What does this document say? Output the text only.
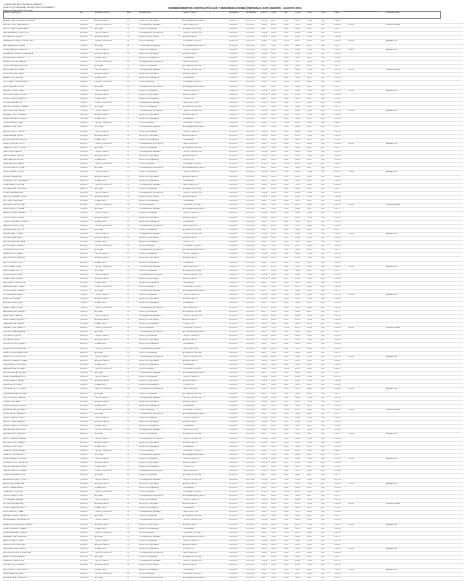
COMUNIDAD AUTONOMA DE MADRID
DIRECCION GENERAL DE RECURSOS HUMANOS
Relacion Nominal de Personal
NOMBRAMIENTOS CONTRACTUALES Y REMUNERACIONES PERSONAL DATA MADRID - AGOSTO 2013
NOMBRE Y APELLIDOS	DNI	ESCALA O PUESTO	NIVEL	DEPENDENCIA	CARGO / PUESTO	FECHA ALTA	FECHA BAJA	SUELDO COMPL.	TRIE.	C.DEST.	C.ESP.	PROD.	TOTAL	OBSERVACIONES
Nombramientos/Resoluciones/Observaciones
ALVAREZ GARCIA, MARIA DEL CARMEN	02345678	ADMINISTRATIVO	18	SERVICIOS CENTRALES	AUXILIAR ADMINISTRATIVO	01/01/2013	31/12/2013	1.023,45	345,20	54,10	412,30	120,00	0,00	1.955,05
BENITEZ LOPEZ, JUAN CARLOS	05432198	TECNICO SUPERIOR	26	CONSEJERIA DE SANIDAD	JEFE DE SECCION	15/02/2013	31/12/2013	1.498,72	612,50	98,30	701,12	340,00	0,00	3.250,64	12/2013	Resolucion interna
CASTILLO MARTIN, ANA ISABEL	07894561	AUXILIAR	14	DIRECCION GENERAL	AUXILIAR DE OFICINA	01/03/2013	31/12/2013	890,12	210,45	32,80	298,40	80,00	0,00	1.511,77
DIAZ FERNANDEZ, PEDRO LUIS	08123456	TECNICO MEDIO	22	CONSEJERIA DE EDUCACION	TECNICO DE GESTION	10/01/2013	31/12/2013	1.245,60	420,10	76,40	520,80	210,00	0,00	2.472,90
ESTEBAN RUIZ, LAURA	09876543	ADMINISTRATIVO	18	SERVICIOS CENTRALES	ADMINISTRATIVO	01/01/2013	31/12/2013	1.023,45	345,20	54,10	412,30	120,00	0,00	1.955,05
FERNANDEZ GOMEZ, JOSE ANTONIO	10234567	TECNICO SUPERIOR	28	VICECONSEJERIA	CONSEJERO TECNICO	01/04/2013	31/12/2013	1.498,72	712,50	110,20	801,12	420,00	0,00	3.542,54	12/2013	Asignado a RPT
GARCIA HERRERA, ELENA	11345678	AUXILIAR	14	CONSEJERIA DE SANIDAD	AUXILIAR ADMINISTRATIVO	01/01/2013	31/12/2013	890,12	210,45	32,80	298,40	80,00	0,00	1.511,77
GOMEZ SANCHEZ, FRANCISCO	12456789	TECNICO MEDIO	22	DIRECCION GENERAL	TECNICO DE APOYO	20/01/2013	31/12/2013	1.245,60	420,10	76,40	520,80	210,00	0,00	2.472,90	11/2013	Asignado a RPT
HERNANDEZ MORENO, ROSA MARIA	13567890	ADMINISTRATIVO	18	SERVICIOS CENTRALES	ADMINISTRATIVO	01/02/2013	31/12/2013	1.023,45	345,20	54,10	412,30	120,00	0,00	1.955,05
IGLESIAS PEREZ, MANUEL	14678901	SUBALTERNO	12	SERVICIOS GENERALES	ORDENANZA	01/01/2013	31/12/2013	780,30	150,20	28,60	240,10	60,00	0,00	1.259,20
JIMENEZ ORTEGA, CARMEN	15789012	TECNICO SUPERIOR	26	CONSEJERIA DE EDUCACION	JEFE DE SERVICIO	01/01/2013	31/12/2013	1.498,72	612,50	98,30	701,12	340,00	0,00	3.250,64
LOPEZ DOMINGUEZ, ANTONIO	16890123	AUXILIAR	14	DIRECCION GENERAL	AUXILIAR DE OFICINA	15/03/2013	31/12/2013	890,12	210,45	32,80	298,40	80,00	0,00	1.511,77
MARTIN VAZQUEZ, ISABEL	17901234	TECNICO MEDIO	22	CONSEJERIA DE SANIDAD	TECNICO DE GESTION	01/01/2013	31/12/2013	1.245,60	420,10	76,40	520,80	210,00	0,00	2.472,90	12/2013	Comision servicios
MORENO ALONSO, DAVID	18012345	ADMINISTRATIVO	18	SERVICIOS CENTRALES	ADMINISTRATIVO	01/01/2013	31/12/2013	1.023,45	345,20	54,10	412,30	120,00	0,00	1.955,05
NAVARRO GIL, PATRICIA	19123456	SUBALTERNO	12	SERVICIOS GENERALES	ORDENANZA	01/05/2013	31/12/2013	780,30	150,20	28,60	240,10	60,00	0,00	1.259,20
ORTIZ RAMOS, MIGUEL ANGEL	20234567	TECNICO SUPERIOR	28	VICECONSEJERIA	CONSEJERO TECNICO	01/01/2013	31/12/2013	1.498,72	712,50	110,20	801,12	420,00	0,00	3.542,54
PEREZ SERRANO, LUCIA	21345678	AUXILIAR	14	CONSEJERIA DE EDUCACION	AUXILIAR ADMINISTRATIVO	01/01/2013	31/12/2013	890,12	210,45	32,80	298,40	80,00	0,00	1.511,77
RAMIREZ TORRES, JAVIER	22456789	TECNICO MEDIO	22	DIRECCION GENERAL	TECNICO DE APOYO	01/06/2013	31/12/2013	1.245,60	420,10	76,40	520,80	210,00	0,00	2.472,90	12/2013	Asignado a RPT
RODRIGUEZ BLANCO, SILVIA	23567890	ADMINISTRATIVO	18	SERVICIOS CENTRALES	ADMINISTRATIVO	01/01/2013	31/12/2013	1.023,45	345,20	54,10	412,30	120,00	0,00	1.955,05
ROMERO CASTRO, ALBERTO	24678901	SUBALTERNO	12	SERVICIOS GENERALES	CONDUCTOR	01/01/2013	31/12/2013	780,30	150,20	28,60	240,10	60,00	0,00	1.259,20
RUIZ MEDINA, BEATRIZ	25789012	TECNICO SUPERIOR	26	CONSEJERIA DE SANIDAD	JEFE DE SECCION	01/01/2013	31/12/2013	1.498,72	612,50	98,30	701,12	340,00	0,00	3.250,64
SANCHEZ GUERRERO, RAFAEL	26890123	AUXILIAR	14	DIRECCION GENERAL	AUXILIAR DE OFICINA	01/07/2013	31/12/2013	890,12	210,45	32,80	298,40	80,00	0,00	1.511,77
SANTOS MOLINA, TERESA	27901234	TECNICO MEDIO	22	CONSEJERIA DE EDUCACION	TECNICO DE GESTION	01/01/2013	31/12/2013	1.245,60	420,10	76,40	520,80	210,00	0,00	2.472,90	12/2013	Asignado a RPT
SERRANO CRUZ, FERNANDO	28012345	ADMINISTRATIVO	18	SERVICIOS CENTRALES	ADMINISTRATIVO	01/01/2013	31/12/2013	1.023,45	345,20	54,10	412,30	120,00	0,00	1.955,05
SUAREZ DELGADO, MONICA	29123456	SUBALTERNO	12	SERVICIOS GENERALES	ORDENANZA	01/01/2013	31/12/2013	780,30	150,20	28,60	240,10	60,00	0,00	1.259,20
TORRES MENDEZ, RAUL	30234567	TECNICO SUPERIOR	28	VICECONSEJERIA	CONSEJERO TECNICO	01/01/2013	31/12/2013	1.498,72	712,50	110,20	801,12	420,00	0,00	3.542,54
VARGAS ROJAS, PILAR	31345678	AUXILIAR	14	CONSEJERIA DE SANIDAD	AUXILIAR ADMINISTRATIVO	01/08/2013	31/12/2013	890,12	210,45	32,80	298,40	80,00	0,00	1.511,77
VAZQUEZ PRIETO, SERGIO	32456789	TECNICO MEDIO	22	DIRECCION GENERAL	TECNICO DE APOYO	01/01/2013	31/12/2013	1.245,60	420,10	76,40	520,80	210,00	0,00	2.472,90
VEGA CABRERA, NURIA	33567890	ADMINISTRATIVO	18	SERVICIOS CENTRALES	ADMINISTRATIVO	01/01/2013	31/12/2013	1.023,45	345,20	54,10	412,30	120,00	0,00	1.955,05
ALONSO PASCUAL, ENRIQUE	34678901	SUBALTERNO	12	SERVICIOS GENERALES	ORDENANZA	01/01/2013	31/12/2013	780,30	150,20	28,60	240,10	60,00	0,00	1.259,20
BLANCO FUENTES, ROCIO	35789012	TECNICO SUPERIOR	26	CONSEJERIA DE EDUCACION	JEFE DE SERVICIO	01/01/2013	31/12/2013	1.498,72	612,50	98,30	701,12	340,00	0,00	3.250,64	12/2013	Asignado a RPT
CABALLERO NIETO, OSCAR	36890123	AUXILIAR	14	DIRECCION GENERAL	AUXILIAR DE OFICINA	01/01/2013	31/12/2013	890,12	210,45	32,80	298,40	80,00	0,00	1.511,77
CALVO REYES, MARTA	37901234	TECNICO MEDIO	22	CONSEJERIA DE SANIDAD	TECNICO DE GESTION	01/01/2013	31/12/2013	1.245,60	420,10	76,40	520,80	210,00	0,00	2.472,90
CAMPOS ARIAS, VICENTE	38012345	ADMINISTRATIVO	18	SERVICIOS CENTRALES	ADMINISTRATIVO	01/01/2013	31/12/2013	1.023,45	345,20	54,10	412,30	120,00	0,00	1.955,05
CANO MARQUEZ, ALICIA	39123456	SUBALTERNO	12	SERVICIOS GENERALES	CONDUCTOR	01/01/2013	31/12/2013	780,30	150,20	28,60	240,10	60,00	0,00	1.259,20
CARMONA LEON, RAMON	40234567	TECNICO SUPERIOR	28	VICECONSEJERIA	CONSEJERO TECNICO	01/01/2013	31/12/2013	1.498,72	712,50	110,20	801,12	420,00	0,00	3.542,54
CORTES HIDALGO, SONIA	41345678	AUXILIAR	14	CONSEJERIA DE EDUCACION	AUXILIAR ADMINISTRATIVO	01/01/2013	31/12/2013	890,12	210,45	32,80	298,40	80,00	0,00	1.511,77
CRESPO IBANEZ, JORGE	42456789	TECNICO MEDIO	22	DIRECCION GENERAL	TECNICO DE APOYO	01/01/2013	31/12/2013	1.245,60	420,10	76,40	520,80	210,00	0,00	2.472,90	12/2013	Asignado a RPT
DELGADO PARRA, EVA	43567890	ADMINISTRATIVO	18	SERVICIOS CENTRALES	ADMINISTRATIVO	01/01/2013	31/12/2013	1.023,45	345,20	54,10	412,30	120,00	0,00	1.955,05
DOMINGUEZ SOTO, ALEJANDRO	44678901	SUBALTERNO	12	SERVICIOS GENERALES	ORDENANZA	01/01/2013	31/12/2013	780,30	150,20	28,60	240,10	60,00	0,00	1.259,20
DURAN BRAVO, CRISTINA	45789012	TECNICO SUPERIOR	26	CONSEJERIA DE SANIDAD	JEFE DE SECCION	01/01/2013	31/12/2013	1.498,72	612,50	98,30	701,12	340,00	0,00	3.250,64
ESCOBAR VIDAL, GUILLERMO	46890123	AUXILIAR	14	DIRECCION GENERAL	AUXILIAR DE OFICINA	01/01/2013	31/12/2013	890,12	210,45	32,80	298,40	80,00	0,00	1.511,77
FLORES SANTANA, INES	47901234	TECNICO MEDIO	22	CONSEJERIA DE EDUCACION	TECNICO DE GESTION	01/01/2013	31/12/2013	1.245,60	420,10	76,40	520,80	210,00	0,00	2.472,90
GALLEGO CARRASCO, HUGO	48012345	ADMINISTRATIVO	18	SERVICIOS CENTRALES	ADMINISTRATIVO	01/01/2013	31/12/2013	1.023,45	345,20	54,10	412,30	120,00	0,00	1.955,05
GIL LORENZO, ANDREA	49123456	SUBALTERNO	12	SERVICIOS GENERALES	ORDENANZA	01/01/2013	31/12/2013	780,30	150,20	28,60	240,10	60,00	0,00	1.259,20
GUERRERO PASTOR, IVAN	50234567	TECNICO SUPERIOR	28	VICECONSEJERIA	CONSEJERO TECNICO	01/01/2013	31/12/2013	1.498,72	712,50	110,20	801,12	420,00	0,00	3.542,54	12/2013	Resolucion interna
HIDALGO BENITO, CLARA	51345678	AUXILIAR	14	CONSEJERIA DE SANIDAD	AUXILIAR ADMINISTRATIVO	01/01/2013	31/12/2013	890,12	210,45	32,80	298,40	80,00	0,00	1.511,77
IBANEZ CORDERO, ADRIAN	52456789	TECNICO MEDIO	22	DIRECCION GENERAL	TECNICO DE APOYO	01/01/2013	31/12/2013	1.245,60	420,10	76,40	520,80	210,00	0,00	2.472,90
LEON MONTERO, NOELIA	53567890	ADMINISTRATIVO	18	SERVICIOS CENTRALES	ADMINISTRATIVO	01/01/2013	31/12/2013	1.023,45	345,20	54,10	412,30	120,00	0,00	1.955,05
LORENZO GALLARDO, RUBEN	54678901	SUBALTERNO	12	SERVICIOS GENERALES	ORDENANZA	01/01/2013	31/12/2013	780,30	150,20	28,60	240,10	60,00	0,00	1.259,20
MARQUEZ BUENO, OLGA	55789012	TECNICO SUPERIOR	26	CONSEJERIA DE EDUCACION	JEFE DE SERVICIO	01/01/2013	31/12/2013	1.498,72	612,50	98,30	701,12	340,00	0,00	3.250,64
MEDINA FERRER, VICTOR	56890123	AUXILIAR	14	DIRECCION GENERAL	AUXILIAR DE OFICINA	01/01/2013	31/12/2013	890,12	210,45	32,80	298,40	80,00	0,00	1.511,77
MENDEZ SAEZ, LORENA	57901234	TECNICO MEDIO	22	CONSEJERIA DE SANIDAD	TECNICO DE GESTION	01/01/2013	31/12/2013	1.245,60	420,10	76,40	520,80	210,00	0,00	2.472,90	12/2013	Asignado a RPT
MOLINA ROMAN, PABLO	58012345	ADMINISTRATIVO	18	SERVICIOS CENTRALES	ADMINISTRATIVO	01/01/2013	31/12/2013	1.023,45	345,20	54,10	412,30	120,00	0,00	1.955,05
MONTERO AGUILAR, SARA	59123456	SUBALTERNO	12	SERVICIOS GENERALES	CONDUCTOR	01/01/2013	31/12/2013	780,30	150,20	28,60	240,10	60,00	0,00	1.259,20
NIETO PACHECO, DANIEL	60234567	TECNICO SUPERIOR	28	VICECONSEJERIA	CONSEJERO TECNICO	01/01/2013	31/12/2013	1.498,72	712,50	110,20	801,12	420,00	0,00	3.542,54
ORTEGA VICENTE, JULIA	61345678	AUXILIAR	14	CONSEJERIA DE EDUCACION	AUXILIAR ADMINISTRATIVO	01/01/2013	31/12/2013	890,12	210,45	32,80	298,40	80,00	0,00	1.511,77
PARRA ESTEVEZ, MARIO	62456789	TECNICO MEDIO	22	DIRECCION GENERAL	TECNICO DE APOYO	01/01/2013	31/12/2013	1.245,60	420,10	76,40	520,80	210,00	0,00	2.472,90
PASCUAL SOLER, ANGELA	63567890	ADMINISTRATIVO	18	SERVICIOS CENTRALES	ADMINISTRATIVO	01/01/2013	31/12/2013	1.023,45	345,20	54,10	412,30	120,00	0,00	1.955,05
PASTOR ROMERO, LUIS	64678901	SUBALTERNO	12	SERVICIOS GENERALES	ORDENANZA	01/01/2013	31/12/2013	780,30	150,20	28,60	240,10	60,00	0,00	1.259,20
PRIETO SALAS, IRENE	65789012	TECNICO SUPERIOR	26	CONSEJERIA DE SANIDAD	JEFE DE SECCION	01/01/2013	31/12/2013	1.498,72	612,50	98,30	701,12	340,00	0,00	3.250,64	12/2013	Asignado a RPT
RAMOS VIDAL, HECTOR	66890123	AUXILIAR	14	DIRECCION GENERAL	AUXILIAR DE OFICINA	01/01/2013	31/12/2013	890,12	210,45	32,80	298,40	80,00	0,00	1.511,77
REYES MORA, ESTHER	67901234	TECNICO MEDIO	22	CONSEJERIA DE EDUCACION	TECNICO DE GESTION	01/01/2013	31/12/2013	1.245,60	420,10	76,40	520,80	210,00	0,00	2.472,90
ROMAN PEÑA, GONZALO	68012345	ADMINISTRATIVO	18	SERVICIOS CENTRALES	ADMINISTRATIVO	01/01/2013	31/12/2013	1.023,45	345,20	54,10	412,30	120,00	0,00	1.955,05
SAEZ CAMPOS, VERONICA	69123456	SUBALTERNO	12	SERVICIOS GENERALES	ORDENANZA	01/01/2013	31/12/2013	780,30	150,20	28,60	240,10	60,00	0,00	1.259,20
SALAS HERRERO, TOMAS	70234567	TECNICO SUPERIOR	28	VICECONSEJERIA	CONSEJERO TECNICO	01/01/2013	31/12/2013	1.498,72	712,50	110,20	801,12	420,00	0,00	3.542,54
SOLER RIVERA, YOLANDA	71345678	AUXILIAR	14	CONSEJERIA DE SANIDAD	AUXILIAR ADMINISTRATIVO	01/01/2013	31/12/2013	890,12	210,45	32,80	298,40	80,00	0,00	1.511,77
SOTO BARRERA, EMILIO	72456789	TECNICO MEDIO	22	DIRECCION GENERAL	TECNICO DE APOYO	01/01/2013	31/12/2013	1.245,60	420,10	76,40	520,80	210,00	0,00	2.472,90	12/2013	Asignado a RPT
VIDAL CRUZ, MIRIAM	73567890	ADMINISTRATIVO	18	SERVICIOS CENTRALES	ADMINISTRATIVO	01/01/2013	31/12/2013	1.023,45	345,20	54,10	412,30	120,00	0,00	1.955,05
AGUILAR ROSA, JULIAN	74678901	SUBALTERNO	12	SERVICIOS GENERALES	ORDENANZA	01/01/2013	31/12/2013	780,30	150,20	28,60	240,10	60,00	0,00	1.259,20
ARIAS MORALES, LIDIA	75789012	TECNICO SUPERIOR	26	CONSEJERIA DE EDUCACION	JEFE DE SERVICIO	01/01/2013	31/12/2013	1.498,72	612,50	98,30	701,12	340,00	0,00	3.250,64
BARRERA NUÑEZ, SAMUEL	76890123	AUXILIAR	14	DIRECCION GENERAL	AUXILIAR DE OFICINA	01/01/2013	31/12/2013	890,12	210,45	32,80	298,40	80,00	0,00	1.511,77
BRAVO CANO, NATALIA	77901234	TECNICO MEDIO	22	CONSEJERIA DE SANIDAD	TECNICO DE GESTION	01/01/2013	31/12/2013	1.245,60	420,10	76,40	520,80	210,00	0,00	2.472,90
BUENO FRANCO, ARTURO	78012345	ADMINISTRATIVO	18	SERVICIOS CENTRALES	ADMINISTRATIVO	01/01/2013	31/12/2013	1.023,45	345,20	54,10	412,30	120,00	0,00	1.955,05
CABRERA LUNA, REBECA	79123456	SUBALTERNO	12	SERVICIOS GENERALES	CONDUCTOR	01/01/2013	31/12/2013	780,30	150,20	28,60	240,10	60,00	0,00	1.259,20
CARRASCO DIEZ, MARCOS	80234567	TECNICO SUPERIOR	28	VICECONSEJERIA	CONSEJERO TECNICO	01/01/2013	31/12/2013	1.498,72	712,50	110,20	801,12	420,00	0,00	3.542,54	12/2013	Resolucion interna
CORDERO MIRANDA, ALBA	81345678	AUXILIAR	14	CONSEJERIA DE EDUCACION	AUXILIAR ADMINISTRATIVO	01/01/2013	31/12/2013	890,12	210,45	32,80	298,40	80,00	0,00	1.511,77
CRUZ BENITO, FELIPE	82456789	TECNICO MEDIO	22	DIRECCION GENERAL	TECNICO DE APOYO	01/01/2013	31/12/2013	1.245,60	420,10	76,40	520,80	210,00	0,00	2.472,90
DIEZ GALAN, CELIA	83567890	ADMINISTRATIVO	18	SERVICIOS CENTRALES	ADMINISTRATIVO	01/01/2013	31/12/2013	1.023,45	345,20	54,10	412,30	120,00	0,00	1.955,05
ESTEVEZ PONCE, ROBERTO	84678901	SUBALTERNO	12	SERVICIOS GENERALES	ORDENANZA	01/01/2013	31/12/2013	780,30	150,20	28,60	240,10	60,00	0,00	1.259,20
FERRER MONTES, AURORA	85789012	TECNICO SUPERIOR	26	CONSEJERIA DE SANIDAD	JEFE DE SECCION	01/01/2013	31/12/2013	1.498,72	612,50	98,30	701,12	340,00	0,00	3.250,64
FRANCO ESPINOSA, ALFONSO	86890123	AUXILIAR	14	DIRECCION GENERAL	AUXILIAR DE OFICINA	01/01/2013	31/12/2013	890,12	210,45	32,80	298,40	80,00	0,00	1.511,77
GALAN RIOS, CONCEPCION	87901234	TECNICO MEDIO	22	CONSEJERIA DE EDUCACION	TECNICO DE GESTION	01/01/2013	31/12/2013	1.245,60	420,10	76,40	520,80	210,00	0,00	2.472,90	12/2013	Asignado a RPT
HERRERO CAMACHO, ISMAEL	88012345	ADMINISTRATIVO	18	SERVICIOS CENTRALES	ADMINISTRATIVO	01/01/2013	31/12/2013	1.023,45	345,20	54,10	412,30	120,00	0,00	1.955,05
LUNA VELASCO, MERCEDES	89123456	SUBALTERNO	12	SERVICIOS GENERALES	ORDENANZA	01/01/2013	31/12/2013	780,30	150,20	28,60	240,10	60,00	0,00	1.259,20
MIRANDA SOSA, ESTEBAN	90234567	TECNICO SUPERIOR	28	VICECONSEJERIA	CONSEJERO TECNICO	01/01/2013	31/12/2013	1.498,72	712,50	110,20	801,12	420,00	0,00	3.542,54
MONTES BELTRAN, GLORIA	91345678	AUXILIAR	14	CONSEJERIA DE SANIDAD	AUXILIAR ADMINISTRATIVO	01/01/2013	31/12/2013	890,12	210,45	32,80	298,40	80,00	0,00	1.511,77
MORA QUINTANA, AGUSTIN	92456789	TECNICO MEDIO	22	DIRECCION GENERAL	TECNICO DE APOYO	01/01/2013	31/12/2013	1.245,60	420,10	76,40	520,80	210,00	0,00	2.472,90
NUÑEZ CASADO, RAQUEL	93567890	ADMINISTRATIVO	18	SERVICIOS CENTRALES	ADMINISTRATIVO	01/01/2013	31/12/2013	1.023,45	345,20	54,10	412,30	120,00	0,00	1.955,05
PEÑA ROBLES, CESAR	94678901	SUBALTERNO	12	SERVICIOS GENERALES	CONDUCTOR	01/01/2013	31/12/2013	780,30	150,20	28,60	240,10	60,00	0,00	1.259,20
PONCE ARROYO, DOLORES	95789012	TECNICO SUPERIOR	26	CONSEJERIA DE EDUCACION	JEFE DE SERVICIO	01/01/2013	31/12/2013	1.498,72	612,50	98,30	701,12	340,00	0,00	3.250,64	12/2013	Asignado a RPT
QUINTANA SIERRA, NICOLAS	96890123	AUXILIAR	14	DIRECCION GENERAL	AUXILIAR DE OFICINA	01/01/2013	31/12/2013	890,12	210,45	32,80	298,40	80,00	0,00	1.511,77
RIOS GUTIERREZ, MARINA	97901234	TECNICO MEDIO	22	CONSEJERIA DE SANIDAD	TECNICO DE GESTION	01/01/2013	31/12/2013	1.245,60	420,10	76,40	520,80	210,00	0,00	2.472,90
RIVERA OLIVA, JAIME	98012345	ADMINISTRATIVO	18	SERVICIOS CENTRALES	ADMINISTRATIVO	01/01/2013	31/12/2013	1.023,45	345,20	54,10	412,30	120,00	0,00	1.955,05
ROBLES CALDERON, PAULA	99123456	SUBALTERNO	12	SERVICIOS GENERALES	ORDENANZA	01/01/2013	31/12/2013	780,30	150,20	28,60	240,10	60,00	0,00	1.259,20
SIERRA MACIAS, BERNARDO	00234567	TECNICO SUPERIOR	28	VICECONSEJERIA	CONSEJERO TECNICO	01/01/2013	31/12/2013	1.498,72	712,50	110,20	801,12	420,00	0,00	3.542,54	12/2013	Resolucion interna
SOSA TEJEDOR, MILAGROS	01345678	AUXILIAR	14	CONSEJERIA DE EDUCACION	AUXILIAR ADMINISTRATIVO	01/01/2013	31/12/2013	890,12	210,45	32,80	298,40	80,00	0,00	1.511,77
TEJEDOR VALERO, JESUS	02456789	TECNICO MEDIO	22	DIRECCION GENERAL	TECNICO DE APOYO	01/01/2013	31/12/2013	1.245,60	420,10	76,40	520,80	210,00	0,00	2.472,90
VALERO LOZANO, AMPARO	03567890	ADMINISTRATIVO	18	SERVICIOS CENTRALES	ADMINISTRATIVO	01/01/2013	31/12/2013	1.023,45	345,20	54,10	412,30	120,00	0,00	1.955,05
VELASCO CAMPOS, RODRIGO	04678901	SUBALTERNO	12	SERVICIOS GENERALES	ORDENANZA	01/01/2013	31/12/2013	780,30	150,20	28,60	240,10	60,00	0,00	1.259,20
ZAMORA HUERTAS, ELVIRA	05789012	TECNICO SUPERIOR	26	CONSEJERIA DE SANIDAD	JEFE DE SECCION	01/01/2013	31/12/2013	1.498,72	612,50	98,30	701,12	340,00	0,00	3.250,64
ZAPATA MURILLO, ANDRES	06890123	AUXILIAR	14	DIRECCION GENERAL	AUXILIAR DE OFICINA	01/01/2013	31/12/2013	890,12	210,45	32,80	298,40	80,00	0,00	1.511,77	12/2013	Asignado a RPT
ARROYO LINARES, VANESA	07901234	TECNICO MEDIO	22	CONSEJERIA DE EDUCACION	TECNICO DE GESTION	01/01/2013	31/12/2013	1.245,60	420,10	76,40	520,80	210,00	0,00	2.472,90
BELTRAN OSORIO, ALVARO	08012345	ADMINISTRATIVO	18	SERVICIOS CENTRALES	ADMINISTRATIVO	01/01/2013	31/12/2013	1.023,45	345,20	54,10	412,30	120,00	0,00	1.955,05
CALDERON REY, SOFIA	09123456	SUBALTERNO	12	SERVICIOS GENERALES	ORDENANZA	01/01/2013	31/12/2013	780,30	150,20	28,60	240,10	60,00	0,00	1.259,20
CAMACHO TAPIA, GERMAN	10345678	TECNICO SUPERIOR	28	VICECONSEJERIA	CONSEJERO TECNICO	01/01/2013	31/12/2013	1.498,72	712,50	110,20	801,12	420,00	0,00	3.542,54
CASADO ROCA, MARISOL	11456789	AUXILIAR	14	CONSEJERIA DE SANIDAD	AUXILIAR ADMINISTRATIVO	01/01/2013	31/12/2013	890,12	210,45	32,80	298,40	80,00	0,00	1.511,77
ESPINOSA MATA, CLEMENTE	12567890	TECNICO MEDIO	22	DIRECCION GENERAL	TECNICO DE APOYO	01/01/2013	31/12/2013	1.245,60	420,10	76,40	520,80	210,00	0,00	2.472,90	12/2013	Asignado a RPT
GUTIERREZ POZO, ASUNCION	13678901	ADMINISTRATIVO	18	SERVICIOS CENTRALES	ADMINISTRATIVO	01/01/2013	31/12/2013	1.023,45	345,20	54,10	412,30	120,00	0,00	1.955,05
HUERTAS SALINAS, EUGENIO	14789012	SUBALTERNO	12	SERVICIOS GENERALES	CONDUCTOR	01/01/2013	31/12/2013	780,30	150,20	28,60	240,10	60,00	0,00	1.259,20
LINARES BARRIOS, SUSANA	15890123	TECNICO SUPERIOR	26	CONSEJERIA DE EDUCACION	JEFE DE SERVICIO	01/01/2013	31/12/2013	1.498,72	612,50	98,30	701,12	340,00	0,00	3.250,64
LOZANO CARDENAS, FELIX	16901234	AUXILIAR	14	DIRECCION GENERAL	AUXILIAR DE OFICINA	01/01/2013	31/12/2013	890,12	210,45	32,80	298,40	80,00	0,00	1.511,77
MACIAS ESCUDERO, LORETO	17012345	TECNICO MEDIO	22	CONSEJERIA DE SANIDAD	TECNICO DE GESTION	01/01/2013	31/12/2013	1.245,60	420,10	76,40	520,80	210,00	0,00	2.472,90
MATA VILLAR, SEBASTIAN	18123456	ADMINISTRATIVO	18	SERVICIOS CENTRALES	ADMINISTRATIVO	01/01/2013	31/12/2013	1.023,45	345,20	54,10	412,30	120,00	0,00	1.955,05	12/2013	Asignado a RPT
MURILLO NAVAS, ADELA	19234567	SUBALTERNO	12	SERVICIOS GENERALES	ORDENANZA	01/01/2013	31/12/2013	780,30	150,20	28,60	240,10	60,00	0,00	1.259,20
OLIVA RUBIO, TEODORO	20345678	TECNICO SUPERIOR	28	VICECONSEJERIA	CONSEJERO TECNICO	01/01/2013	31/12/2013	1.498,72	712,50	110,20	801,12	420,00	0,00	3.542,54
OSORIO PLAZA, LETICIA	21456789	AUXILIAR	14	CONSEJERIA DE EDUCACION	AUXILIAR ADMINISTRATIVO	01/01/2013	31/12/2013	890,12	210,45	32,80	298,40	80,00	0,00	1.511,77
POZO ARENAS, GABRIEL	22567890	TECNICO MEDIO	22	DIRECCION GENERAL	TECNICO DE APOYO	01/01/2013	31/12/2013	1.245,60	420,10	76,40	520,80	210,00	0,00	2.472,90
REY SEGURA, MANUELA	23678901	ADMINISTRATIVO	18	SERVICIOS CENTRALES	ADMINISTRATIVO	01/01/2013	31/12/2013	1.023,45	345,20	54,10	412,30	120,00	0,00	1.955,05	12/2013	Resolucion interna
ROCA VILLANUEVA, ISIDRO	24789012	SUBALTERNO	12	SERVICIOS GENERALES	ORDENANZA	01/01/2013	31/12/2013	780,30	150,20	28,60	240,10	60,00	0,00	1.259,20
RUBIO CANTERO, DIANA	25890123	TECNICO SUPERIOR	26	CONSEJERIA DE SANIDAD	JEFE DE SECCION	01/01/2013	31/12/2013	1.498,72	612,50	98,30	701,12	340,00	0,00	3.250,64
SALINAS FUENTES, LEANDRO	26901234	AUXILIAR	14	DIRECCION GENERAL	AUXILIAR DE OFICINA	01/01/2013	31/12/2013	890,12	210,45	32,80	298,40	80,00	0,00	1.511,77
SEGURA MARIN, ENCARNACION	27012345	TECNICO MEDIO	22	CONSEJERIA DE EDUCACION	TECNICO DE GESTION	01/01/2013	31/12/2013	1.245,60	420,10	76,40	520,80	210,00	0,00	2.472,90
TAPIA ROLDAN, FRANCISCO JAVIER	28123456	ADMINISTRATIVO	18	SERVICIOS CENTRALES	ADMINISTRATIVO	01/01/2013	31/12/2013	1.023,45	345,20	54,10	412,30	120,00	0,00	1.955,05	12/2013	Asignado a RPT
VILLAR GONZALEZ, ROSARIO	29234567	SUBALTERNO	12	SERVICIOS GENERALES	ORDENANZA	01/01/2013	31/12/2013	780,30	150,20	28,60	240,10	60,00	0,00	1.259,20
VILLANUEVA ARIAS, JOAQUIN	30345678	TECNICO SUPERIOR	28	VICECONSEJERIA	CONSEJERO TECNICO	01/01/2013	31/12/2013	1.498,72	712,50	110,20	801,12	420,00	0,00	3.542,54
ZAMBRANO LEAL, HERMINIA	31456789	AUXILIAR	14	CONSEJERIA DE SANIDAD	AUXILIAR ADMINISTRATIVO	01/01/2013	31/12/2013	890,12	210,45	32,80	298,40	80,00	0,00	1.511,77
BARRIOS SANZ, OCTAVIO	32567890	TECNICO MEDIO	22	DIRECCION GENERAL	TECNICO DE APOYO	01/01/2013	31/12/2013	1.245,60	420,10	76,40	520,80	210,00	0,00	2.472,90
CANTERO ROJO, ANTONIA	33678901	ADMINISTRATIVO	18	SERVICIOS CENTRALES	ADMINISTRATIVO	01/01/2013	31/12/2013	1.023,45	345,20	54,10	412,30	120,00	0,00	1.955,05
CARDENAS VERA, RICARDO	34789012	SUBALTERNO	12	SERVICIOS GENERALES	CONDUCTOR	01/01/2013	31/12/2013	780,30	150,20	28,60	240,10	60,00	0,00	1.259,20	12/2013	Asignado a RPT
ESCUDERO BOSCH, FLORENTINA	35890123	TECNICO SUPERIOR	26	CONSEJERIA DE EDUCACION	JEFE DE SERVICIO	01/01/2013	31/12/2013	1.498,72	612,50	98,30	701,12	340,00	0,00	3.250,64
NAVAS CORRAL, ARMANDO	36901234	AUXILIAR	14	DIRECCION GENERAL	AUXILIAR DE OFICINA	01/01/2013	31/12/2013	890,12	210,45	32,80	298,40	80,00	0,00	1.511,77
PLAZA MIRO, VALENTINA	37012345	TECNICO MEDIO	22	CONSEJERIA DE SANIDAD	TECNICO DE GESTION	01/01/2013	31/12/2013	1.245,60	420,10	76,40	520,80	210,00	0,00	2.472,90
ROLDAN PINTO, EDUARDO	38123456	ADMINISTRATIVO	18	SERVICIOS CENTRALES	ADMINISTRATIVO	01/01/2013	31/12/2013	1.023,45	345,20	54,10	412,30	120,00	0,00	1.955,05
SANZ OLMEDO, PURIFICACION	39234567	SUBALTERNO	12	SERVICIOS GENERALES	ORDENANZA	01/01/2013	31/12/2013	780,30	150,20	28,60	240,10	60,00	0,00	1.259,20	12/2013	Asignado a RPT
VERA CEBRIAN, ARTEMIO	40345678	TECNICO SUPERIOR	28	VICECONSEJERIA	CONSEJERO TECNICO	01/01/2013	31/12/2013	1.498,72	712,50	110,20	801,12	420,00	0,00	3.542,54
BOSCH ALCARAZ, REMEDIOS	41456789	AUXILIAR	14	CONSEJERIA DE EDUCACION	AUXILIAR ADMINISTRATIVO	01/01/2013	31/12/2013	890,12	210,45	32,80	298,40	80,00	0,00	1.511,77
